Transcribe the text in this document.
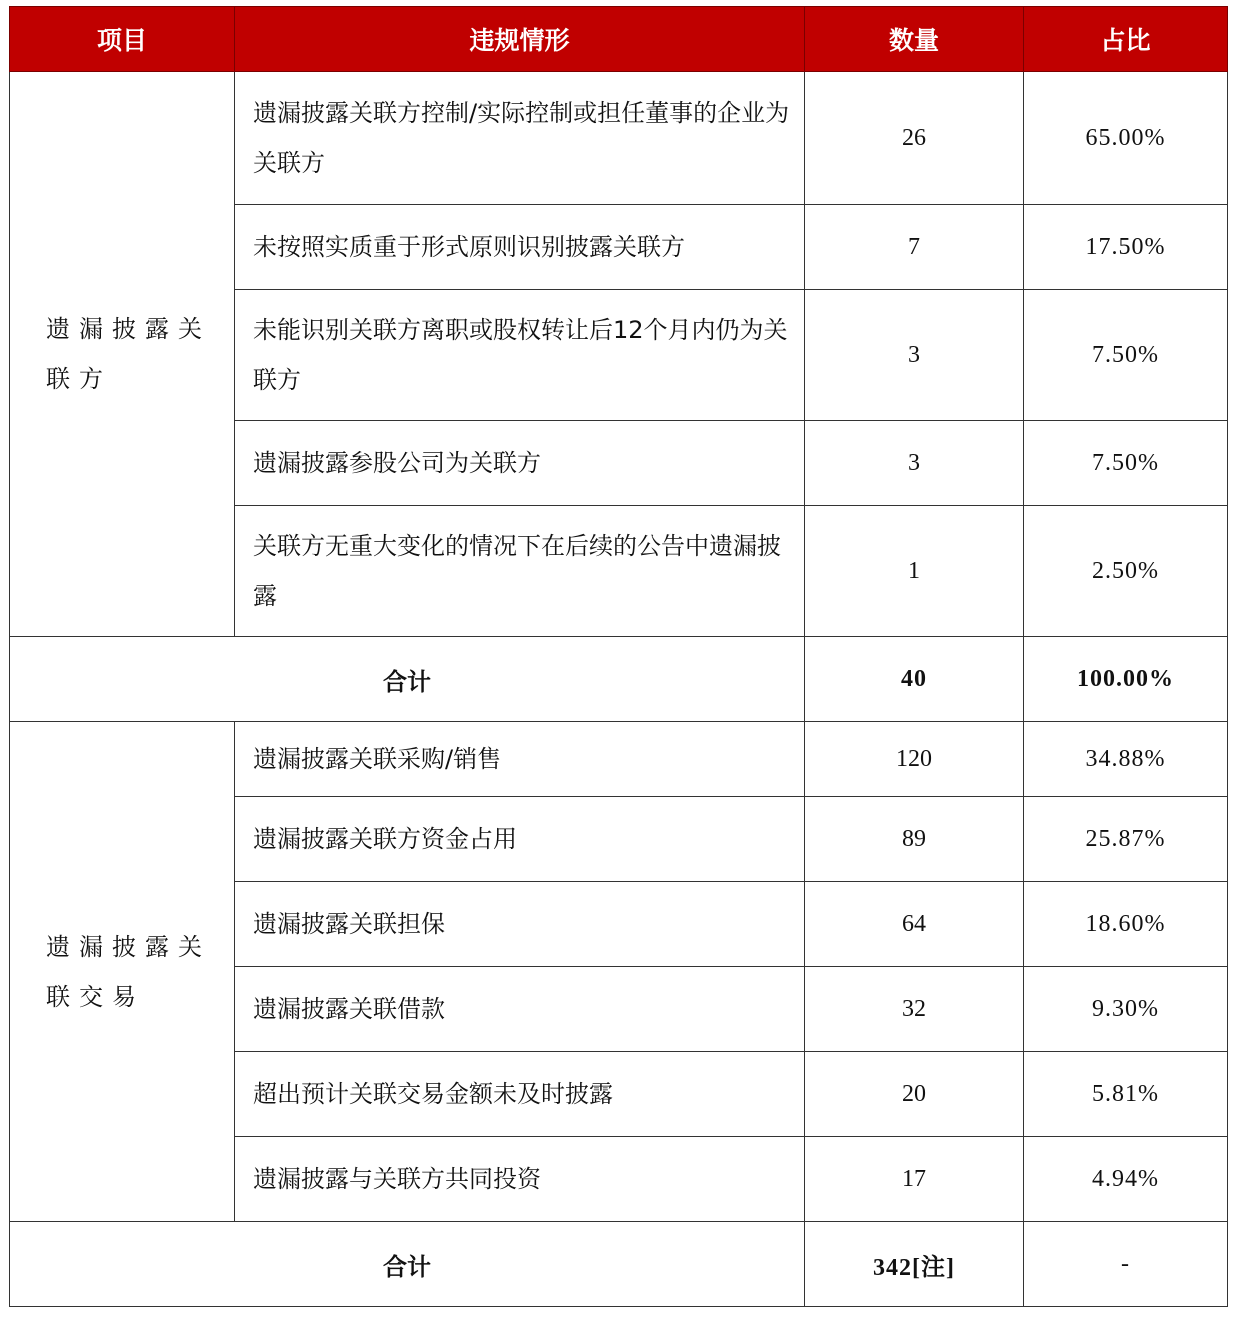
项目	违规情形	数量	占比
遗漏披露关联方	遗漏披露关联方控制/实际控制或担任董事的企业为关联方	26	65.00%
	未按照实质重于形式原则识别披露关联方	7	17.50%
	未能识别关联方离职或股权转让后12个月内仍为关联方	3	7.50%
	遗漏披露参股公司为关联方	3	7.50%
	关联方无重大变化的情况下在后续的公告中遗漏披露	1	2.50%
合计		40	100.00%
遗漏披露关联交易	遗漏披露关联采购/销售	120	34.88%
	遗漏披露关联方资金占用	89	25.87%
	遗漏披露关联担保	64	18.60%
	遗漏披露关联借款	32	9.30%
	超出预计关联交易金额未及时披露	20	5.81%
	遗漏披露与关联方共同投资	17	4.94%
合计		342[注]	-
